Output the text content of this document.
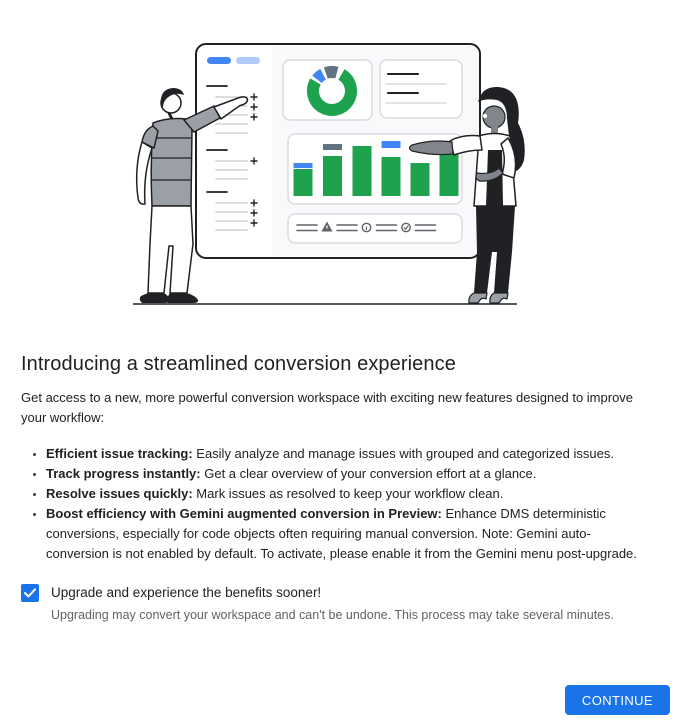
Introducing a streamlined conversion experience

Get access to a new, more powerful conversion workspace with exciting new features designed to improve your workflow:

• Efficient issue tracking: Easily analyze and manage issues with grouped and categorized issues.
• Track progress instantly: Get a clear overview of your conversion effort at a glance.
• Resolve issues quickly: Mark issues as resolved to keep your workflow clean.
• Boost efficiency with Gemini augmented conversion in Preview: Enhance DMS deterministic conversions, especially for code objects often requiring manual conversion. Note: Gemini auto-conversion is not enabled by default. To activate, please enable it from the Gemini menu post-upgrade.
Upgrade and experience the benefits sooner!
Upgrading may convert your workspace and can't be undone. This process may take several minutes.
CONTINUE
